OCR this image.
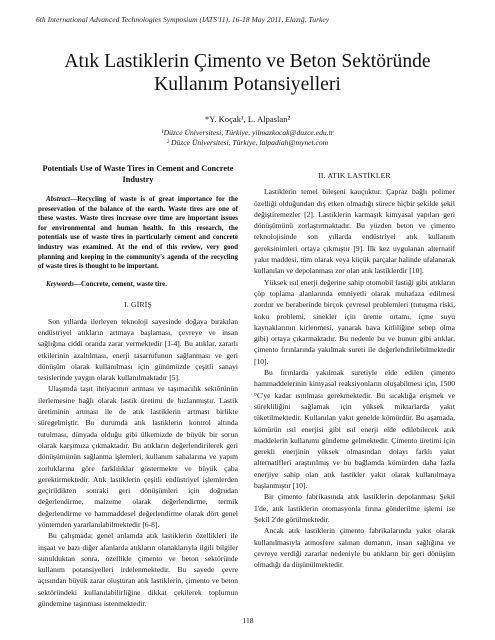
6th International Advanced Technologies Symposium (IATS'11), 16-18 May 2011, Elazığ, Turkey
Atık Lastiklerin Çimento ve Beton Sektöründe Kullanım Potansiyelleri
*Y. Koçak¹, L. Alpaslan²
¹Düzce Üniversitesi, Türkiye, yilmazkocak@duzce.edu.tr
² Düzce Üniversitesi, Türkiye, lalpadiah@mynet.com
Potentials Use of Waste Tires in Cement and Concrete Industry
Abstract—Recycling of waste is of great importance for the preservation of the balance of the earth. Waste tires are one of these wastes. Waste tires increase over time are important issues for environmental and human health. In this research, the potentials use of waste tires in particularly cement and concrete industry was examined. At the end of this review, very good planning and keeping in the community's agenda of the recycling of waste tires is thought to be important.
Keywords—Concrete, cement, waste tire.
I. GİRİŞ

Son yıllarda ilerleyen teknoloji sayesinde doğaya bırakılan endüstriyel atıkların artmaya başlaması, çevreye ve insan sağlığına ciddi oranda zarar vermektedir [1-4]. Bu atıklar, zararlı etkilerinin azaltılması, enerji tasarrufunun sağlanması ve geri dönüşüm olarak kullanılması için günümüzde çeşitli sanayi tesislerinde yaygın olarak kullanılmaktadır [5].

Ulaşımda taşıt ihtiyacının artması ve taşımacılık sektörünün ilerlemesine bağlı olarak lastik üretimi de hızlanmıştır. Lastik üretiminin artması ile de atık lastiklerin artması birlikte süregelmiştir. Bu durumda atık lastiklerin kontrol altında tutulması, dünyada olduğu gibi ülkemizde de büyük bir sorun olarak karşımıza çıkmaktadır. Bu atıkların değerlendirilerek geri dönüşümünün sağlanma işlemleri, kullanım sahalarına ve yapım zorluklarına göre farklılıklar göstermekte ve büyük çaba gerektirmektedir. Atık lastiklerin çeşitli endüstriyel işlemlerden geçirildikten sonraki geri dönüşümleri için doğrudan değerlendirme, malzeme olarak değerlendirme, termik değerlendirme ve hammaddesel değerlendirme olarak dört genel yöntemden yararlanılabilmektedir [6-8].

Bu çalışmada; genel anlamda atık lastiklerin özellikleri ile inşaat ve bazı diğer alanlarda atıkların olanaklarıyla ilgili bilgiler sunulduktan sonra, özellikle çimento ve beton sektöründe kullanım potansiyelleri irdelenmektedir. Bu sayede çevre açısından büyük zarar oluşturan atık lastiklerin, çimento ve beton sektöründeki kullanılabilirliğine dikkat çekilerek toplumun gündemine taşınması istenmektedir.

II. ATIK LASTİKLER

Lastiklerin temel bileşeni kauçuktur. Çapraz bağlı polimer özelliği olduğundan dış etken olmadığı sürece hiçbir şekilde şekil değiştiremezler [2]. Lastiklerin karmaşık kimyasal yapıları geri dönüşümünü zorlaştırmaktadır. Bu yüzden beton ve çimento teknolojisinde son yıllarda endüstriyel atık kullanım gereksinimleri ortaya çıkmıştır [9]. İlk kez uygulanan alternatif yakıt maddesi, tüm olarak veya küçük parçalar halinde ufalanarak kullanılan ve depolanması zor olan atık lastiklerdir [10].

Yüksek ısıl enerji değerine sahip otomobil lastiği gibi atıkların çöp toplama alanlarında emniyetli olarak muhafaza edilmesi zordur ve beraberinde birçok çevresel problemleri (tutuşma riski, koku problemi, sinekler için üreme ortamı, içme suyu kaynaklarının kirlenmesi, yanarak hava kirliliğine sebep olma gibi) ortaya çıkarmaktadır. Bu nedenle bu ve bunun gibi atıklar, çimento fırınlarında yakılmak sureti ile değerlendirilebilmektedir [10].

Bu fırınlarda yakılmak suretiyle elde edilen çimento hammaddelerinin kimyasal reaksiyonların oluşabilmesi için, 1500 °C'ye kadar ısıtılması gerekmektedir. Bu sıcaklığa erişmek ve sürekliliğini sağlamak için yüksek miktarlarda yakıt tüketilmektedir. Kullanılan yakıt genelde kömürdür. Bu aşamada, kömürün ısıl enerjisi gibi ısıl enerji elde edilebilecek atık maddelerin kullanımı gündeme gelmektedir. Çimento üretimi için gerekli enerjinin yüksek olmasından dolayı farklı yakıt alternatifleri araştırılmış ve bu bağlamda kömürden daha fazla enerjiye sahip olan atık lastikler yakıt olarak kullanılmaya başlanmıştır [10].

Bir çimento fabrikasında atık lastiklerin depolanması Şekil 1'de, atık lastiklerin otomasyonla fırına gönderilme işlemi ise Şekil 2'de görülmektedir.

Ancak atık lastiklerin çimento fabrikalarında yakıt olarak kullanılmasıyla atmosfere salınan dumanın, insan sağlığına ve çevreye verdiği zararlar nedeniyle bu atıkların bir geri dönüşüm olmadığı da düşünülmektedir.

118
